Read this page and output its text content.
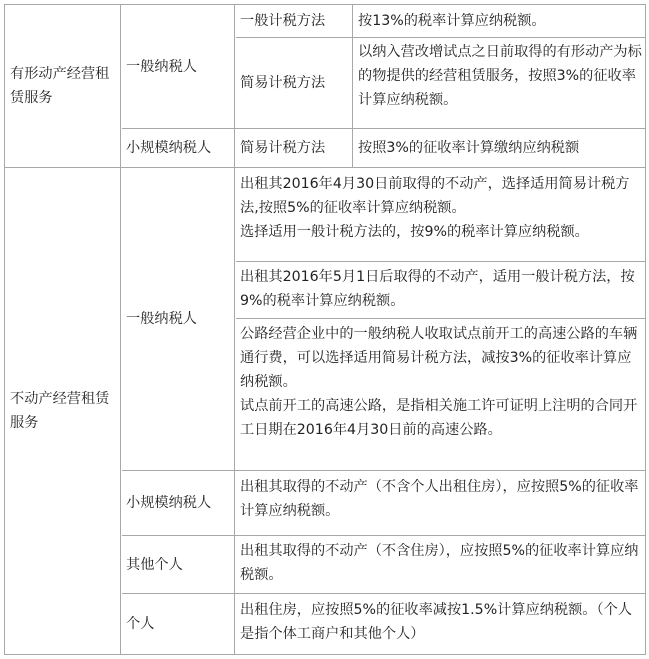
有形动产经营租赁服务
一般纳税人
一般计税方法 按13%的税率计算应纳税额。
简易计税方法
以纳入营改增试点之日前取得的有形动产为标的物提供的经营租赁服务，按照3%的征收率计算应纳税额。
小规模纳税人 简易计税方法 按照3%的征收率计算缴纳应纳税额
不动产经营租赁服务
一般纳税人
出租其2016年4月30日前取得的不动产，选择适用简易计税方法,按照5%的征收率计算应纳税额。
选择适用一般计税方法的，按9%的税率计算应纳税额。
出租其2016年5月1日后取得的不动产，适用一般计税方法，按9%的税率计算应纳税额。
公路经营企业中的一般纳税人收取试点前开工的高速公路的车辆通行费，可以选择适用简易计税方法，减按3%的征收率计算应纳税额。
试点前开工的高速公路，是指相关施工许可证明上注明的合同开工日期在2016年4月30日前的高速公路。
小规模纳税人
出租其取得的不动产（不含个人出租住房），应按照5%的征收率计算应纳税额。
其他个人
出租其取得的不动产（不含住房），应按照5%的征收率计算应纳税额。
个人
出租住房，应按照5%的征收率减按1.5%计算应纳税额。（个人是指个体工商户和其他个人）
